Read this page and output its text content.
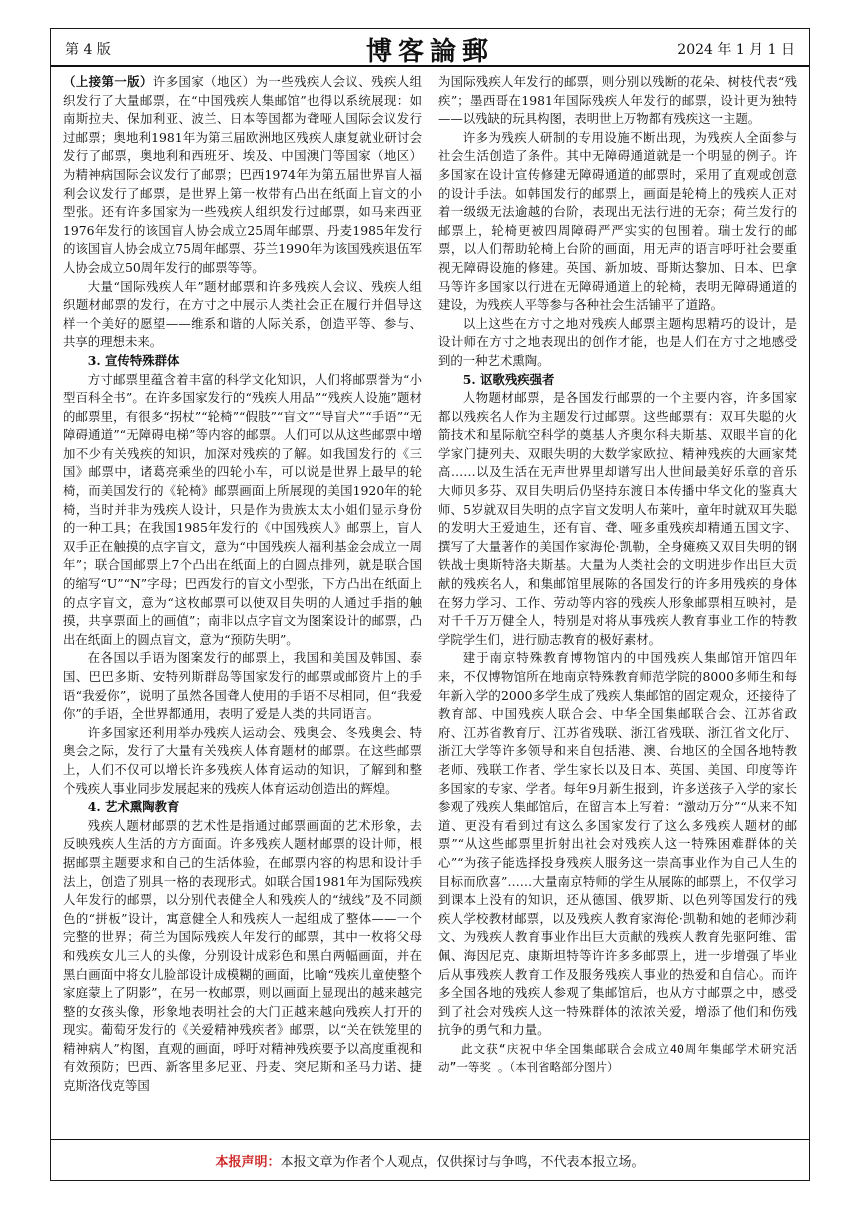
第 4 版	博客論郵	2024 年 1 月 1 日

（上接第一版）许多国家（地区）为一些残疾人会议、残疾人组织发行了大量邮票，在“中国残疾人集邮馆”也得以系统展现：如南斯拉夫、保加利亚、波兰、日本等国都为聋哑人国际会议发行过邮票；奥地利1981年为第三届欧洲地区残疾人康复就业研讨会发行了邮票，奥地利和西班牙、埃及、中国澳门等国家（地区）为精神病国际会议发行了邮票；巴西1974年为第五届世界盲人福利会议发行了邮票，是世界上第一枚带有凸出在纸面上盲文的小型张。还有许多国家为一些残疾人组织发行过邮票，如马来西亚1976年发行的该国盲人协会成立25周年邮票、丹麦1985年发行的该国盲人协会成立75周年邮票、芬兰1990年为该国残疾退伍军人协会成立50周年发行的邮票等等。

大量“国际残疾人年”题材邮票和许多残疾人会议、残疾人组织题材邮票的发行，在方寸之中展示人类社会正在履行并倡导这样一个美好的愿望——维系和谐的人际关系，创造平等、参与、共享的理想未来。

3. 宣传特殊群体

方寸邮票里蕴含着丰富的科学文化知识，人们将邮票誉为“小型百科全书”。在许多国家发行的“残疾人用品”“残疾人设施”题材的邮票里，有很多“拐杖”“轮椅”“假肢”“盲文”“导盲犬”“手语”“无障碍通道”“无障碍电梯”等内容的邮票。人们可以从这些邮票中增加不少有关残疾的知识，加深对残疾的了解。如我国发行的《三国》邮票中，诸葛亮乘坐的四轮小车，可以说是世界上最早的轮椅，而美国发行的《轮椅》邮票画面上所展现的美国1920年的轮椅，当时并非为残疾人设计，只是作为贵族太太小姐们显示身份的一种工具；在我国1985年发行的《中国残疾人》邮票上，盲人双手正在触摸的点字盲文，意为“中国残疾人福利基金会成立一周年”；联合国邮票上7个凸出在纸面上的白圆点排列，就是联合国的缩写“U”“N”字母；巴西发行的盲文小型张，下方凸出在纸面上的点字盲文，意为“这枚邮票可以使双目失明的人通过手指的触摸，共享票面上的画值”；南非以点字盲文为图案设计的邮票，凸出在纸面上的圆点盲文，意为“预防失明”。

在各国以手语为图案发行的邮票上，我国和美国及韩国、泰国、巴巴多斯、安特列斯群岛等国家发行的邮票或邮资片上的手语“我爱你”，说明了虽然各国聋人使用的手语不尽相同，但“我爱你”的手语，全世界都通用，表明了爱是人类的共同语言。

许多国家还利用举办残疾人运动会、残奥会、冬残奥会、特奥会之际，发行了大量有关残疾人体育题材的邮票。在这些邮票上，人们不仅可以增长许多残疾人体育运动的知识，了解到和整个残疾人事业同步发展起来的残疾人体育运动创造出的辉煌。

4. 艺术熏陶教育

残疾人题材邮票的艺术性是指通过邮票画面的艺术形象，去反映残疾人生活的方方面面。许多残疾人题材邮票的设计师，根据邮票主题要求和自己的生活体验，在邮票内容的构思和设计手法上，创造了别具一格的表现形式。如联合国1981年为国际残疾人年发行的邮票，以分别代表健全人和残疾人的“绒线”及不同颜色的“拼板”设计，寓意健全人和残疾人一起组成了整体——一个完整的世界；荷兰为国际残疾人年发行的邮票，其中一枚将父母和残疾女儿三人的头像，分别设计成彩色和黑白两幅画面，并在黑白画面中将女儿脸部设计成模糊的画面，比喻“残疾儿童使整个家庭蒙上了阴影”，在另一枚邮票，则以画面上显现出的越来越完整的女孩头像，形象地表明社会的大门正越来越向残疾人打开的现实。葡萄牙发行的《关爱精神残疾者》邮票，以“关在铁笼里的精神病人”构图，直观的画面，呼吁对精神残疾要予以高度重视和有效预防；巴西、新客里多尼亚、丹麦、突尼斯和圣马力诺、捷克斯洛伐克等国

为国际残疾人年发行的邮票，则分别以残断的花朵、树枝代表“残疾”；墨西哥在1981年国际残疾人年发行的邮票，设计更为独特——以残缺的玩具构图，表明世上万物都有残疾这一主题。

许多为残疾人研制的专用设施不断出现，为残疾人全面参与社会生活创造了条件。其中无障碍通道就是一个明显的例子。许多国家在设计宣传修建无障碍通道的邮票时，采用了直观或创意的设计手法。如韩国发行的邮票上，画面是轮椅上的残疾人正对着一级级无法逾越的台阶，表现出无法行进的无奈；荷兰发行的邮票上，轮椅更被四周障碍严严实实的包围着。瑞士发行的邮票，以人们帮助轮椅上台阶的画面，用无声的语言呼吁社会要重视无障碍设施的修建。英国、新加坡、哥斯达黎加、日本、巴拿马等许多国家以行进在无障碍通道上的轮椅，表明无障碍通道的建设，为残疾人平等参与各种社会生活铺平了道路。

以上这些在方寸之地对残疾人邮票主题构思精巧的设计，是设计师在方寸之地表现出的创作才能，也是人们在方寸之地感受到的一种艺术熏陶。

5. 讴歌残疾强者

人物题材邮票，是各国发行邮票的一个主要内容，许多国家都以残疾名人作为主题发行过邮票。这些邮票有：双耳失聪的火箭技术和星际航空科学的奠基人齐奥尔科夫斯基、双眼半盲的化学家门捷列夫、双眼失明的大数学家欧拉、精神残疾的大画家梵高……以及生活在无声世界里却谱写出人世间最美好乐章的音乐大师贝多芬、双目失明后仍坚持东渡日本传播中华文化的鉴真大师、5岁就双目失明的点字盲文发明人布莱叶，童年时就双耳失聪的发明大王爱迪生，还有盲、聋、哑多重残疾却精通五国文字、撰写了大量著作的美国作家海伦·凯勒，全身瘫痪又双目失明的钢铁战士奥斯特洛夫斯基。大量为人类社会的文明进步作出巨大贡献的残疾名人，和集邮馆里展陈的各国发行的许多用残疾的身体在努力学习、工作、劳动等内容的残疾人形象邮票相互映衬，是对千千万万健全人，特别是对将从事残疾人教育事业工作的特教学院学生们，进行励志教育的极好素材。

建于南京特殊教育博物馆内的中国残疾人集邮馆开馆四年来，不仅博物馆所在地南京特殊教育师范学院的8000多师生和每年新入学的2000多学生成了残疾人集邮馆的固定观众，还接待了教育部、中国残疾人联合会、中华全国集邮联合会、江苏省政府、江苏省教育厅、江苏省残联、浙江省残联、浙江省文化厅、浙江大学等许多领导和来自包括港、澳、台地区的全国各地特教老师、残联工作者、学生家长以及日本、英国、美国、印度等许多国家的专家、学者。每年9月新生报到，许多送孩子入学的家长参观了残疾人集邮馆后，在留言本上写着：“激动万分”“从来不知道、更没有看到过有这么多国家发行了这么多残疾人题材的邮票”“从这些邮票里折射出社会对残疾人这一特殊困难群体的关心”“为孩子能选择投身残疾人服务这一崇高事业作为自己人生的目标而欣喜”……大量南京特师的学生从展陈的邮票上，不仅学习到课本上没有的知识，还从德国、俄罗斯、以色列等国发行的残疾人学校教材邮票，以及残疾人教育家海伦·凯勒和她的老师沙莉文、为残疾人教育事业作出巨大贡献的残疾人教育先驱阿维、雷佩、海因尼克、康斯坦特等许许多多邮票上，进一步增强了毕业后从事残疾人教育工作及服务残疾人事业的热爱和自信心。而许多全国各地的残疾人参观了集邮馆后，也从方寸邮票之中，感受到了社会对残疾人这一特殊群体的浓浓关爱，增添了他们和伤残抗争的勇气和力量。

此文获“庆祝中华全国集邮联合会成立40周年集邮学术研究活动”一等奖 。（本刊省略部分图片）

本报声明： 本报文章为作者个人观点，仅供探讨与争鸣，不代表本报立场。
